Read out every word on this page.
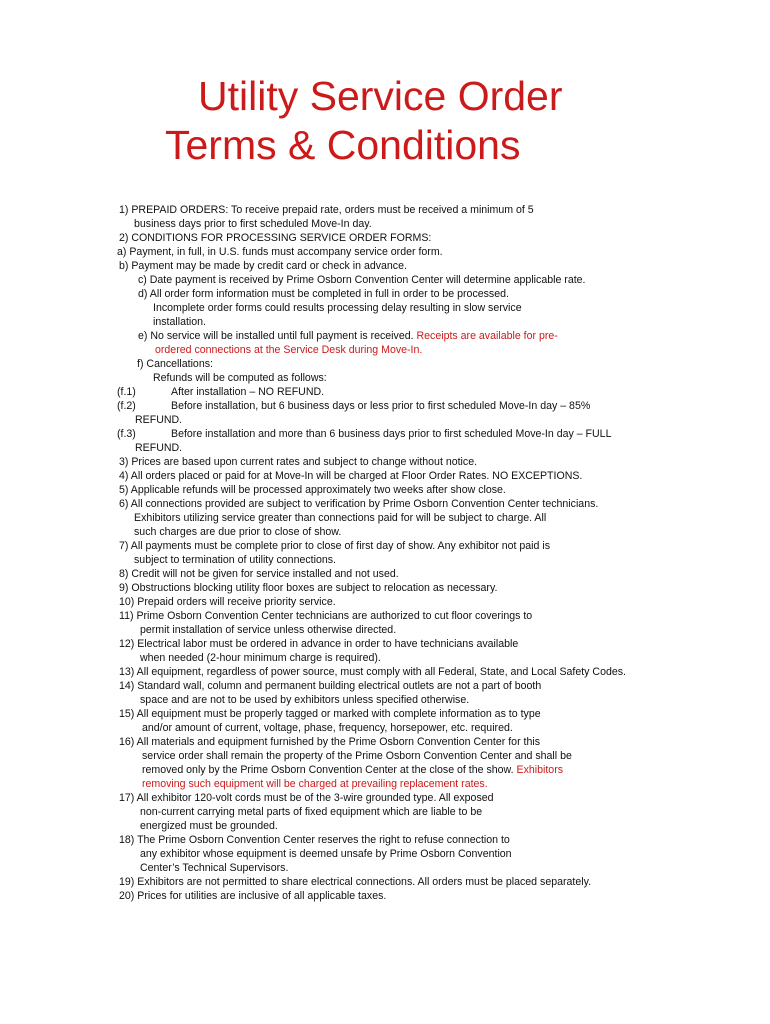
Utility Service Order
Terms & Conditions
1) PREPAID ORDERS: To receive prepaid rate, orders must be received a minimum of 5
business days prior to first scheduled Move-In day.
2) CONDITIONS FOR PROCESSING SERVICE ORDER FORMS:
a) Payment, in full, in U.S. funds must accompany service order form.
b) Payment may be made by credit card or check in advance.
c) Date payment is received by Prime Osborn Convention Center will determine applicable rate.
d) All order form information must be completed in full in order to be processed.
Incomplete order forms could results processing delay resulting in slow service
installation.
e) No service will be installed until full payment is received. Receipts are available for pre-
ordered connections at the Service Desk during Move-In.
f) Cancellations:
Refunds will be computed as follows:
(f.1)	After installation – NO REFUND.
(f.2)	Before installation, but 6 business days or less prior to first scheduled Move-In day – 85%
REFUND.
(f.3)	Before installation and more than 6 business days prior to first scheduled Move-In day – FULL
REFUND.
3) Prices are based upon current rates and subject to change without notice.
4) All orders placed or paid for at Move-In will be charged at Floor Order Rates. NO EXCEPTIONS.
5) Applicable refunds will be processed approximately two weeks after show close.
6) All connections provided are subject to verification by Prime Osborn Convention Center technicians.
Exhibitors utilizing service greater than connections paid for will be subject to charge. All
such charges are due prior to close of show.
7) All payments must be complete prior to close of first day of show. Any exhibitor not paid is
subject to termination of utility connections.
8) Credit will not be given for service installed and not used.
9) Obstructions blocking utility floor boxes are subject to relocation as necessary.
10) Prepaid orders will receive priority service.
11) Prime Osborn Convention Center technicians are authorized to cut floor coverings to
permit installation of service unless otherwise directed.
12) Electrical labor must be ordered in advance in order to have technicians available
when needed (2-hour minimum charge is required).
13) All equipment, regardless of power source, must comply with all Federal, State, and Local Safety Codes.
14) Standard wall, column and permanent building electrical outlets are not a part of booth
space and are not to be used by exhibitors unless specified otherwise.
15) All equipment must be properly tagged or marked with complete information as to type
and/or amount of current, voltage, phase, frequency, horsepower, etc. required.
16) All materials and equipment furnished by the Prime Osborn Convention Center for this
service order shall remain the property of the Prime Osborn Convention Center and shall be
removed only by the Prime Osborn Convention Center at the close of the show. Exhibitors
removing such equipment will be charged at prevailing replacement rates.
17) All exhibitor 120-volt cords must be of the 3-wire grounded type. All exposed
non-current carrying metal parts of fixed equipment which are liable to be
energized must be grounded.
18) The Prime Osborn Convention Center reserves the right to refuse connection to
any exhibitor whose equipment is deemed unsafe by Prime Osborn Convention
Center’s Technical Supervisors.
19) Exhibitors are not permitted to share electrical connections. All orders must be placed separately.
20) Prices for utilities are inclusive of all applicable taxes.
